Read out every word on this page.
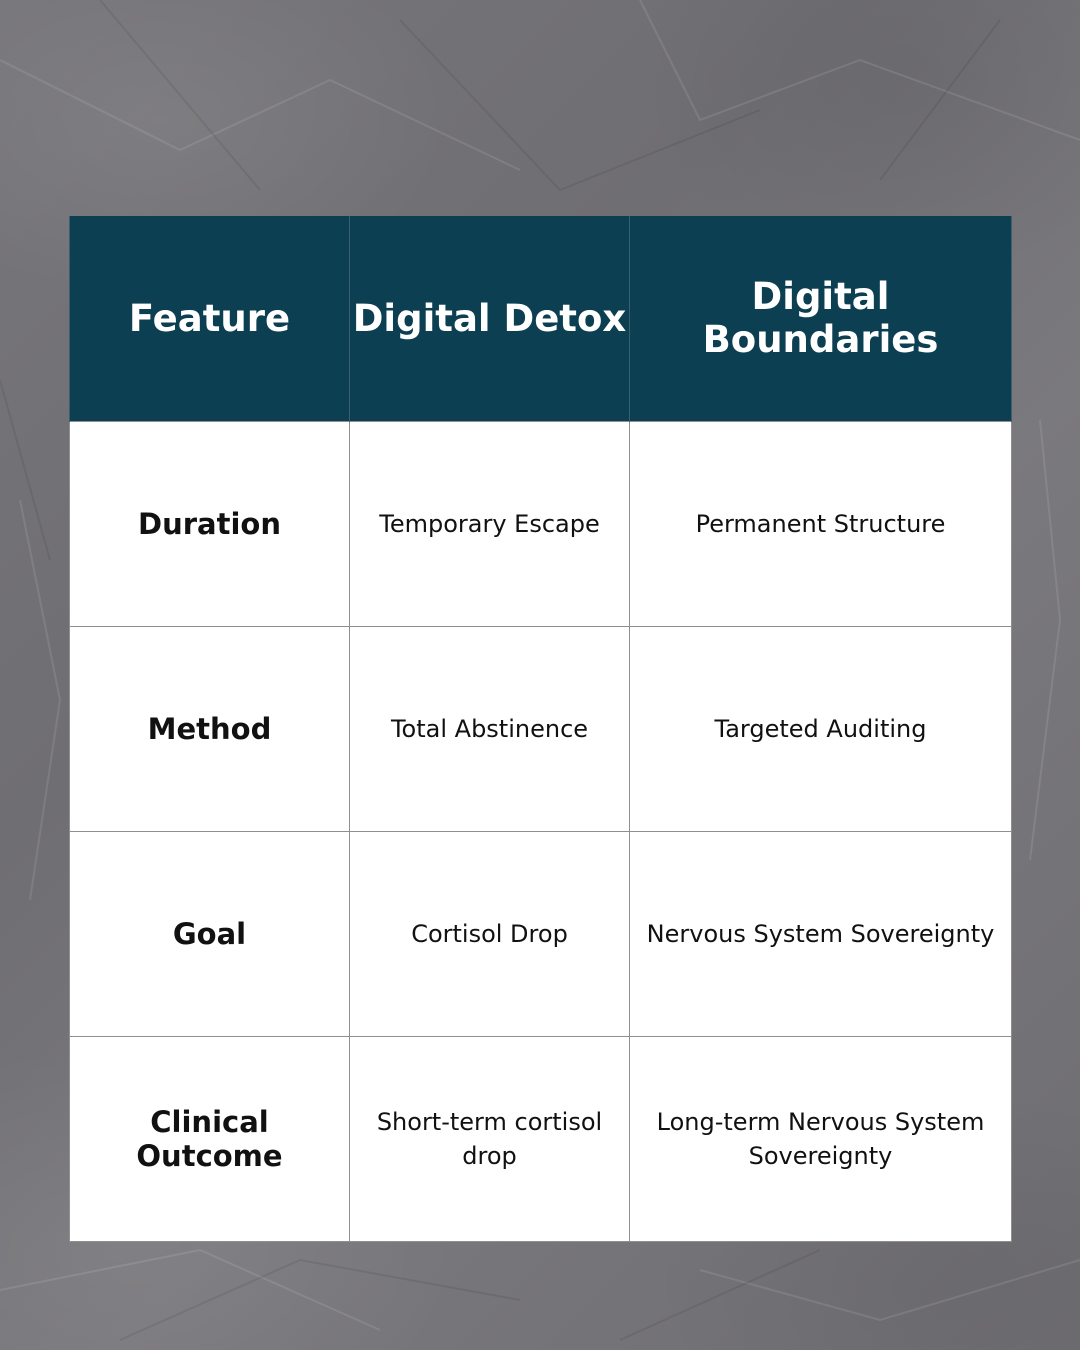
Feature	Digital Detox	Digital Boundaries
Duration	Temporary Escape	Permanent Structure
Method	Total Abstinence	Targeted Auditing
Goal	Cortisol Drop	Nervous System Sovereignty
Clinical Outcome	Short-term cortisol drop	Long-term Nervous System Sovereignty
